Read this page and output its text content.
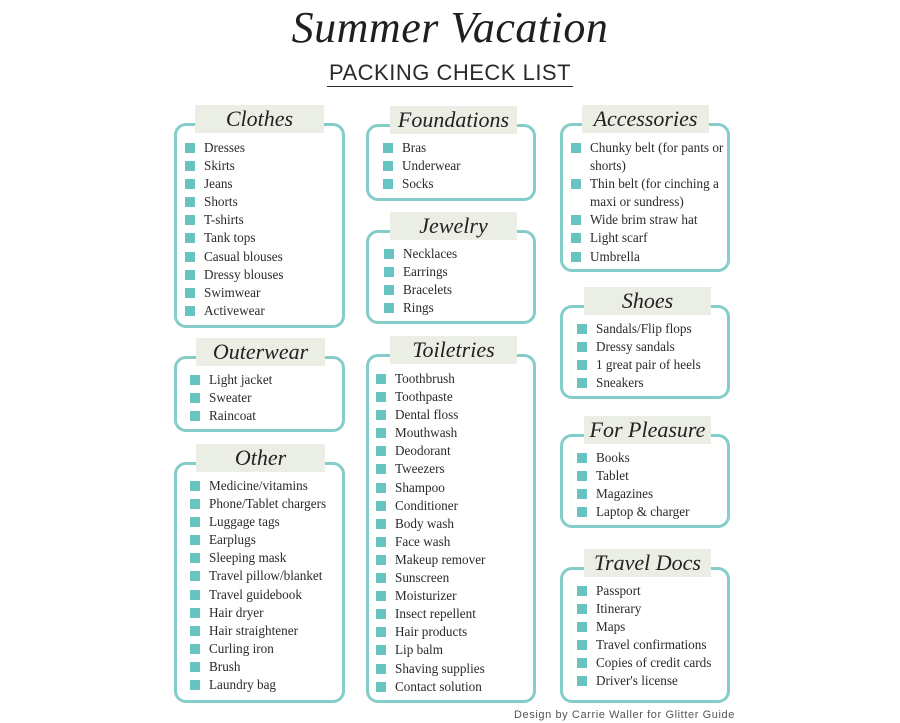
Summer Vacation
PACKING CHECK LIST
Clothes
Dresses
Skirts
Jeans
Shorts
T-shirts
Tank tops
Casual blouses
Dressy blouses
Swimwear
Activewear
Outerwear
Light jacket
Sweater
Raincoat
Other
Medicine/vitamins
Phone/Tablet chargers
Luggage tags
Earplugs
Sleeping mask
Travel pillow/blanket
Travel guidebook
Hair dryer
Hair straightener
Curling iron
Brush
Laundry bag
Foundations
Bras
Underwear
Socks
Jewelry
Necklaces
Earrings
Bracelets
Rings
Toiletries
Toothbrush
Toothpaste
Dental floss
Mouthwash
Deodorant
Tweezers
Shampoo
Conditioner
Body wash
Face wash
Makeup remover
Sunscreen
Moisturizer
Insect repellent
Hair products
Lip balm
Shaving supplies
Contact solution
Accessories
Chunky belt (for pants or
shorts)
Thin belt (for cinching a
maxi or sundress)
Wide brim straw hat
Light scarf
Umbrella
Shoes
Sandals/Flip flops
Dressy sandals
1 great pair of heels
Sneakers
For Pleasure
Books
Tablet
Magazines
Laptop & charger
Travel Docs
Passport
Itinerary
Maps
Travel confirmations
Copies of credit cards
Driver's license
Design by Carrie Waller for Glitter Guide
